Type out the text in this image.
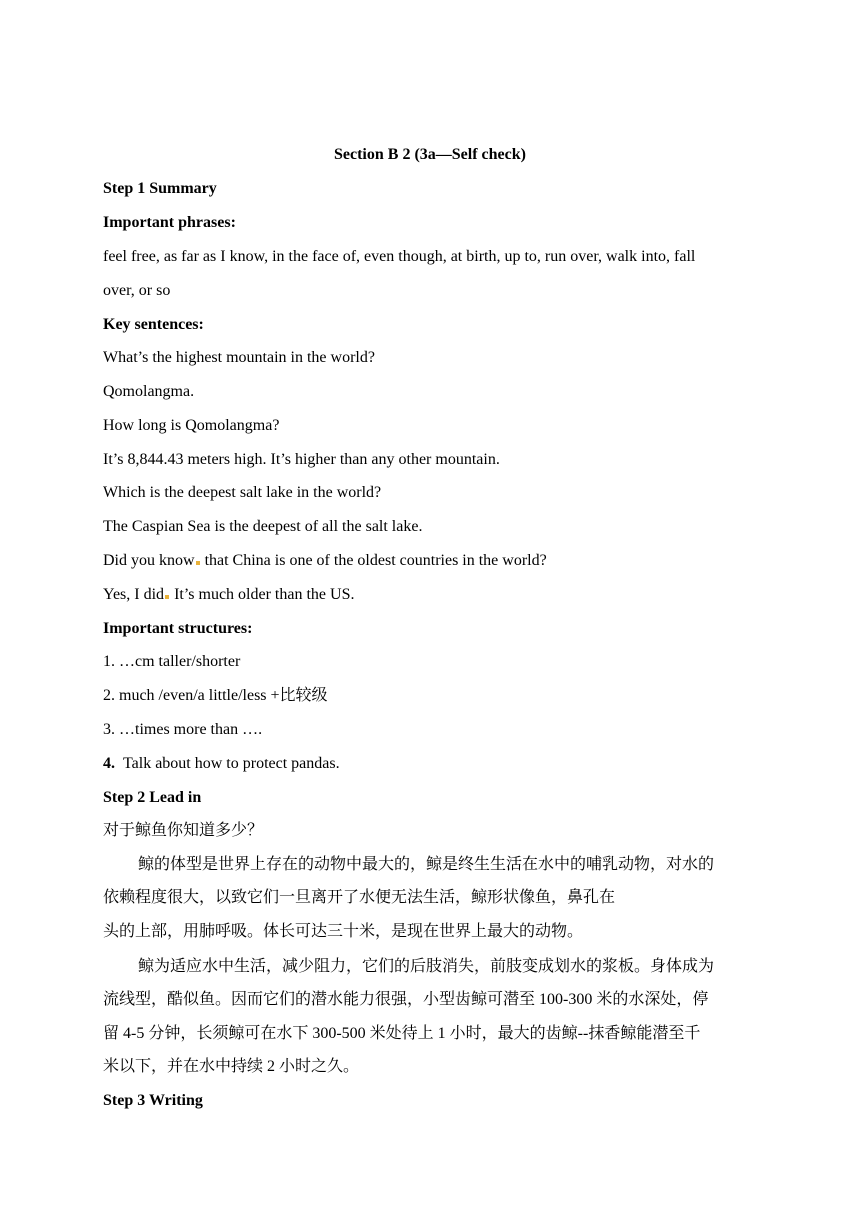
Section B 2 (3a—Self check)
Step 1 Summary
Important phrases:
feel free, as far as I know, in the face of, even though, at birth, up to, run over, walk into, fall
over, or so
Key sentences:
What’s the highest mountain in the world?
Qomolangma.
How long is Qomolangma?
It’s 8,844.43 meters high. It’s higher than any other mountain.
Which is the deepest salt lake in the world?
The Caspian Sea is the deepest of all the salt lake.
Did you know that China is one of the oldest countries in the world?
Yes, I did It’s much older than the US.
Important structures:
1. …cm taller/shorter
2. much /even/a little/less +比较级
3. …times more than ….
4. Talk about how to protect pandas.
Step 2 Lead in
对于鲸鱼你知道多少？
鲸的体型是世界上存在的动物中最大的，鲸是终生生活在水中的哺乳动物，对水的
依赖程度很大，以致它们一旦离开了水便无法生活，鲸形状像鱼，鼻孔在
头的上部，用肺呼吸。体长可达三十米，是现在世界上最大的动物。
鲸为适应水中生活，减少阻力，它们的后肢消失，前肢变成划水的浆板。身体成为
流线型，酷似鱼。因而它们的潜水能力很强，小型齿鲸可潜至 100-300 米的水深处，停
留 4-5 分钟，长须鲸可在水下 300-500 米处待上 1 小时，最大的齿鲸--抹香鲸能潜至千
米以下，并在水中持续 2 小时之久。
Step 3 Writing
